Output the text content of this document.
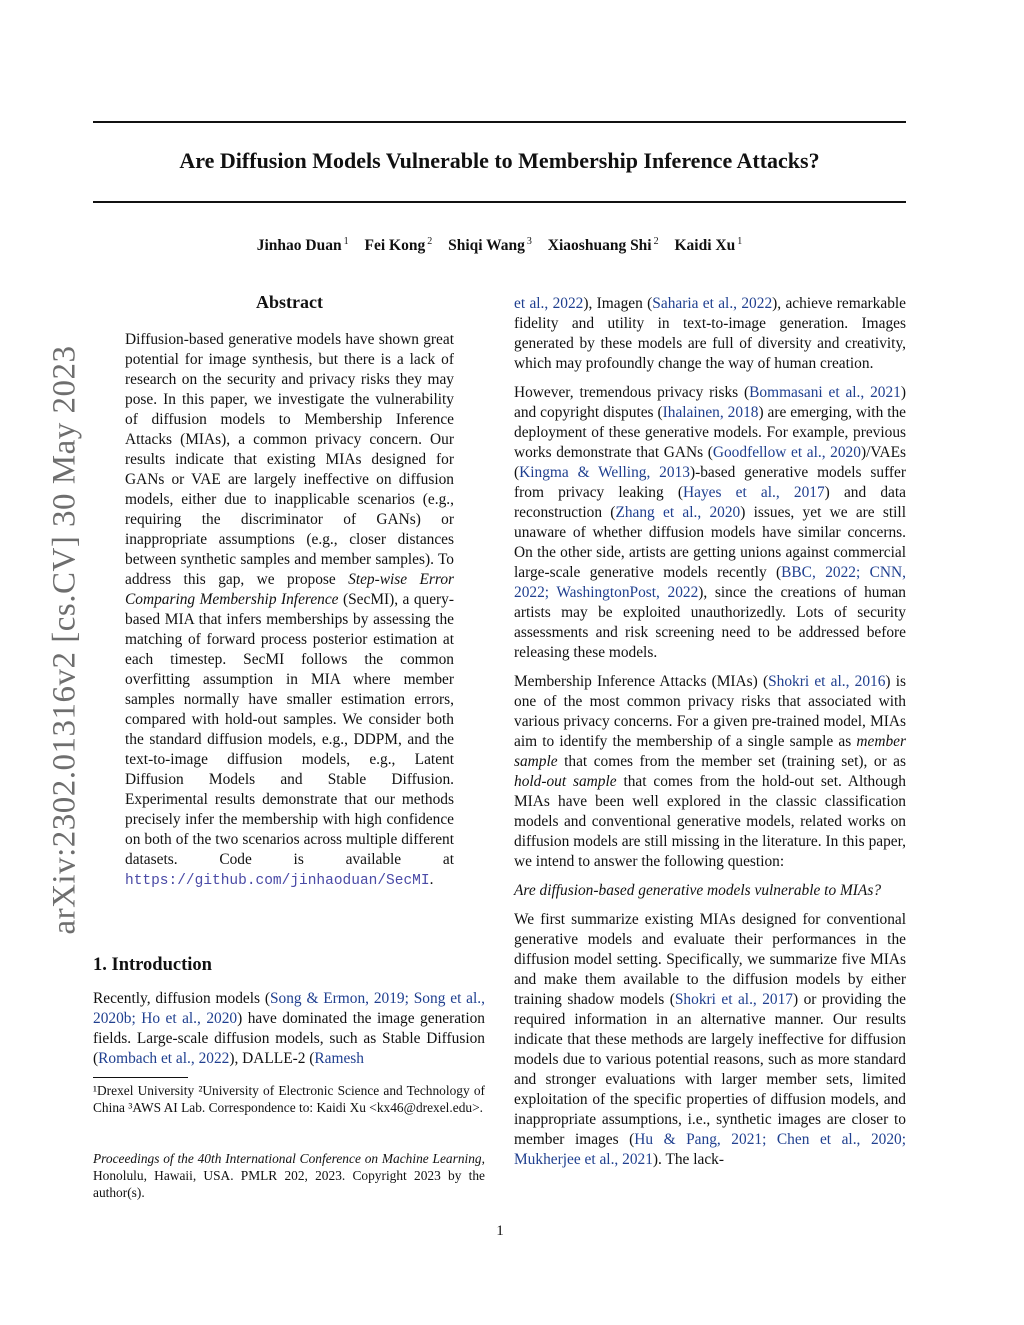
Are Diffusion Models Vulnerable to Membership Inference Attacks?
Jinhao Duan $^1$ Fei Kong $^2$ Shiqi Wang $^3$ Xiaoshuang Shi $^2$ Kaidi Xu $^1$
arXiv:2302.01316v2 [cs.CV] 30 May 2023
Abstract

Diffusion-based generative models have shown great potential for image synthesis, but there is a lack of research on the security and privacy risks they may pose. In this paper, we investigate the vulnerability of diffusion models to Membership Inference Attacks (MIAs), a common privacy concern. Our results indicate that existing MIAs designed for GANs or VAE are largely ineffective on diffusion models, either due to inapplicable scenarios (e.g., requiring the discriminator of GANs) or inappropriate assumptions (e.g., closer distances between synthetic samples and member samples). To address this gap, we propose Step-wise Error Comparing Membership Inference (SecMI), a query-based MIA that infers memberships by assessing the matching of forward process posterior estimation at each timestep. SecMI follows the common overfitting assumption in MIA where member samples normally have smaller estimation errors, compared with hold-out samples. We consider both the standard diffusion models, e.g., DDPM, and the text-to-image diffusion models, e.g., Latent Diffusion Models and Stable Diffusion. Experimental results demonstrate that our methods precisely infer the membership with high confidence on both of the two scenarios across multiple different datasets. Code is available at https://github.com/jinhaoduan/SecMI.

1. Introduction

Recently, diffusion models (Song & Ermon, 2019; Song et al., 2020b; Ho et al., 2020) have dominated the image generation fields. Large-scale diffusion models, such as Stable Diffusion (Rombach et al., 2022), DALLE-2 (Ramesh

¹Drexel University ²University of Electronic Science and Technology of China ³AWS AI Lab. Correspondence to: Kaidi Xu <kx46@drexel.edu>.
Proceedings of the 40th International Conference on Machine Learning, Honolulu, Hawaii, USA. PMLR 202, 2023. Copyright 2023 by the author(s).

et al., 2022), Imagen (Saharia et al., 2022), achieve remarkable fidelity and utility in text-to-image generation. Images generated by these models are full of diversity and creativity, which may profoundly change the way of human creation.

However, tremendous privacy risks (Bommasani et al., 2021) and copyright disputes (Ihalainen, 2018) are emerging, with the deployment of these generative models. For example, previous works demonstrate that GANs (Goodfellow et al., 2020)/VAEs (Kingma & Welling, 2013)-based generative models suffer from privacy leaking (Hayes et al., 2017) and data reconstruction (Zhang et al., 2020) issues, yet we are still unaware of whether diffusion models have similar concerns. On the other side, artists are getting unions against commercial large-scale generative models recently (BBC, 2022; CNN, 2022; WashingtonPost, 2022), since the creations of human artists may be exploited unauthorizedly. Lots of security assessments and risk screening need to be addressed before releasing these models.

Membership Inference Attacks (MIAs) (Shokri et al., 2016) is one of the most common privacy risks that associated with various privacy concerns. For a given pre-trained model, MIAs aim to identify the membership of a single sample as member sample that comes from the member set (training set), or as hold-out sample that comes from the hold-out set. Although MIAs have been well explored in the classic classification models and conventional generative models, related works on diffusion models are still missing in the literature. In this paper, we intend to answer the following question:

Are diffusion-based generative models vulnerable to MIAs?

We first summarize existing MIAs designed for conventional generative models and evaluate their performances in the diffusion model setting. Specifically, we summarize five MIAs and make them available to the diffusion models by either training shadow models (Shokri et al., 2017) or providing the required information in an alternative manner. Our results indicate that these methods are largely ineffective for diffusion models due to various potential reasons, such as more standard and stronger evaluations with larger member sets, limited exploitation of the specific properties of diffusion models, and inappropriate assumptions, i.e., synthetic images are closer to member images (Hu & Pang, 2021; Chen et al., 2020; Mukherjee et al., 2021). The lack-

1
